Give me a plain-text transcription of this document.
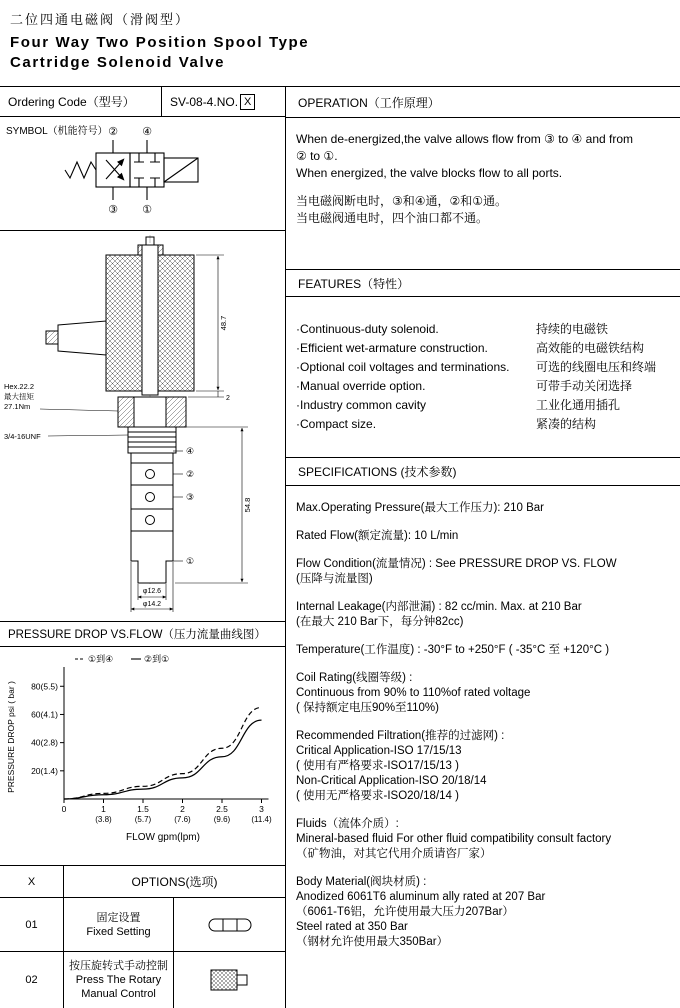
二位四通电磁阀（滑阀型）
Four Way Two Position Spool Type
Cartridge Solenoid Valve
Ordering Code（型号）	SV-08-4.NO. X
SYMBOL（机能符号） ② ④
③ ①
48.7
2
54.8
Hex.22.2
最大扭矩
27.1Nm
3/4-16UNF
φ12.6
φ14.2
④
②
③
①
PRESSURE DROP VS.FLOW（压力流量曲线图）
20(1.4)
40(2.8)
60(4.1)
80(5.5)
0	1
(3.8)
1.5
(5.7)
2
(7.6)
2.5
(9.6)
3
(11.4)
①到④	②到①
PRESSURE DROP psi ( bar )
FLOW gpm(lpm)
X	OPTIONS(选项)
01
固定设置
Fixed Setting
02
按压旋转式手动控制
Press The Rotary Manual Control
OPERATION（工作原理）
When de-energized,the valve allows flow from ③ to ④ and from
② to ①.
When energized, the valve blocks flow to all ports.
当电磁阀断电时，③和④通，②和①通。
当电磁阀通电时，四个油口都不通。
FEATURES（特性）
·Continuous-duty solenoid.	持续的电磁铁
·Efficient wet-armature construction.	高效能的电磁铁结构
·Optional coil voltages and terminations.	可选的线圈电压和终端
·Manual override option.	可带手动关闭选择
·Industry common cavity	工业化通用插孔
·Compact size.	紧凑的结构
SPECIFICATIONS (技术参数)
Max.Operating Pressure(最大工作压力): 210 Bar
Rated Flow(额定流量): 10 L/min
Flow Condition(流量情况) : See PRESSURE DROP VS. FLOW
(压降与流量图)
Internal Leakage(内部泄漏) : 82 cc/min. Max. at 210 Bar
(在最大 210 Bar下，每分钟82cc)
Temperature(工作温度) : -30°F to +250°F ( -35°C 至 +120°C )
Coil Rating(线圈等级) :
Continuous from 90% to 110%of rated voltage
( 保持额定电压90%至110%)
Recommended Filtration(推荐的过滤网) :
Critical Application-ISO 17/15/13
( 使用有严格要求-ISO17/15/13 )
Non-Critical Application-ISO 20/18/14
( 使用无严格要求-ISO20/18/14 )
Fluids（流体介质）:
Mineral-based fluid For other fluid compatibility consult factory
（矿物油，对其它代用介质请咨厂家）
Body Material(阀块材质) :
Anodized 6061T6 aluminum ally rated at 207 Bar
（6061-T6铝，允许使用最大压力207Bar）
Steel rated at 350 Bar
（钢材允许使用最大350Bar）
